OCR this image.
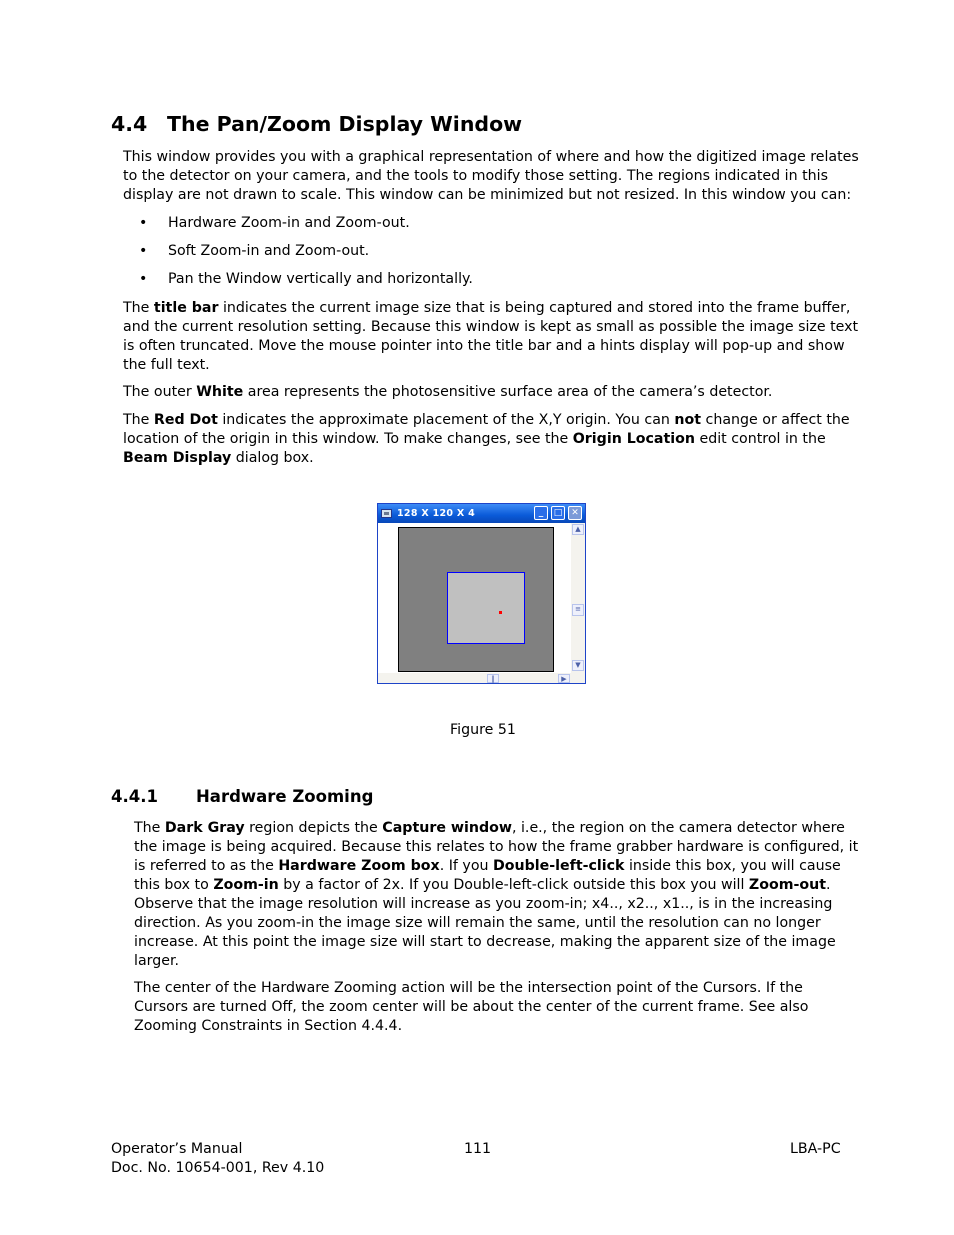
4.4 The Pan/Zoom Display Window
This window provides you with a graphical representation of where and how the digitized image relates
to the detector on your camera, and the tools to modify those setting. The regions indicated in this
display are not drawn to scale. This window can be minimized but not resized. In this window you can:
• Hardware Zoom-in and Zoom-out.
• Soft Zoom-in and Zoom-out.
• Pan the Window vertically and horizontally.
The title bar indicates the current image size that is being captured and stored into the frame buffer,
and the current resolution setting. Because this window is kept as small as possible the image size text
is often truncated. Move the mouse pointer into the title bar and a hints display will pop-up and show
the full text.
The outer White area represents the photosensitive surface area of the camera’s detector.
The Red Dot indicates the approximate placement of the X,Y origin. You can not change or affect the
location of the origin in this window. To make changes, see the Origin Location edit control in the
Beam Display dialog box.
128 X 120 X 4	_	□ ✕
▲
≡
▼
‖	▶
Figure 51
4.4.1 Hardware Zooming
The Dark Gray region depicts the Capture window, i.e., the region on the camera detector where
the image is being acquired. Because this relates to how the frame grabber hardware is configured, it
is referred to as the Hardware Zoom box. If you Double-left-click inside this box, you will cause
this box to Zoom-in by a factor of 2x. If you Double-left-click outside this box you will Zoom-out.
Observe that the image resolution will increase as you zoom-in; x4.., x2.., x1.., is in the increasing
direction. As you zoom-in the image size will remain the same, until the resolution can no longer
increase. At this point the image size will start to decrease, making the apparent size of the image
larger.
The center of the Hardware Zooming action will be the intersection point of the Cursors. If the
Cursors are turned Off, the zoom center will be about the center of the current frame. See also
Zooming Constraints in Section 4.4.4.
Operator’s Manual
Doc. No. 10654-001, Rev 4.10
111	LBA-PC
